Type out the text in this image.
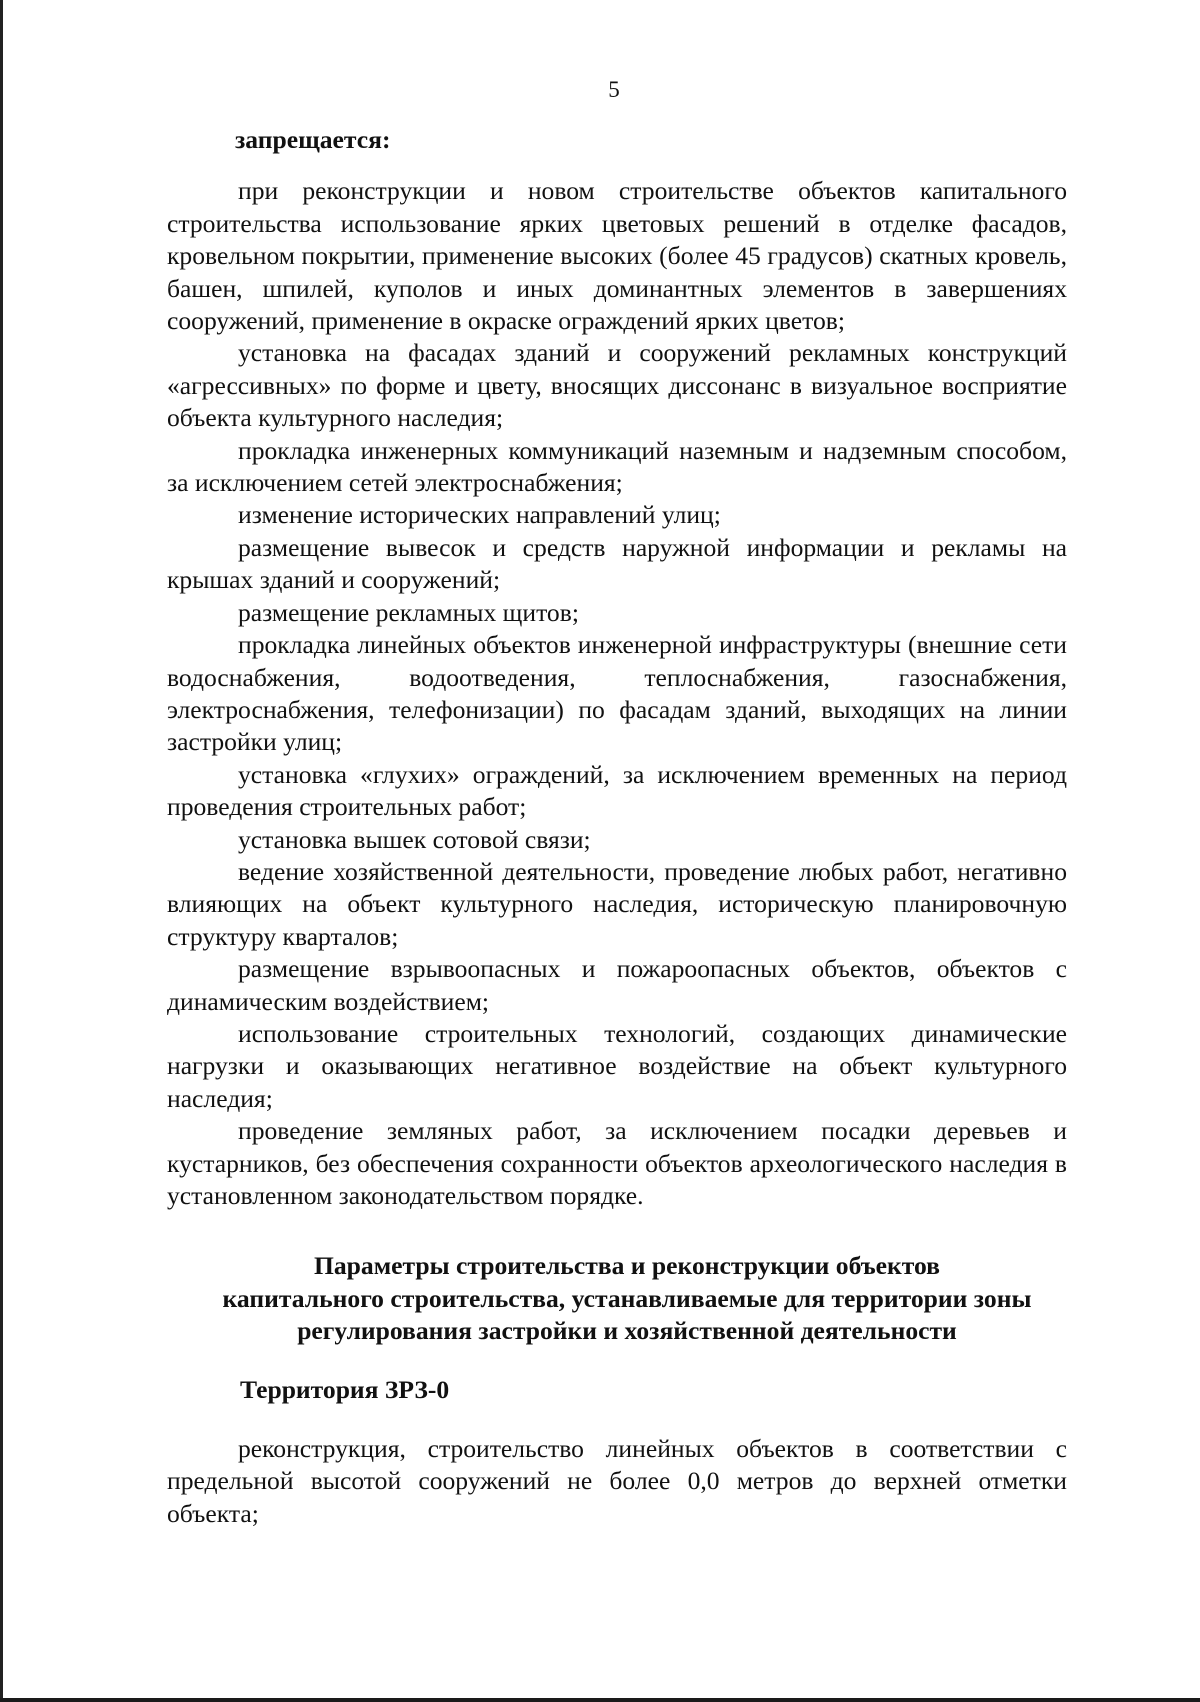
5

запрещается:

при реконструкции и новом строительстве объектов капитального строительства использование ярких цветовых решений в отделке фасадов, кровельном покрытии, применение высоких (более 45 градусов) скатных кровель, башен, шпилей, куполов и иных доминантных элементов в завершениях сооружений, применение в окраске ограждений ярких цветов;

установка на фасадах зданий и сооружений рекламных конструкций «агрессивных» по форме и цвету, вносящих диссонанс в визуальное восприятие объекта культурного наследия;

прокладка инженерных коммуникаций наземным и надземным способом, за исключением сетей электроснабжения;

изменение исторических направлений улиц;

размещение вывесок и средств наружной информации и рекламы на крышах зданий и сооружений;

размещение рекламных щитов;

прокладка линейных объектов инженерной инфраструктуры (внешние сети водоснабжения, водоотведения, теплоснабжения, газоснабжения, электроснабжения, телефонизации) по фасадам зданий, выходящих на линии застройки улиц;

установка «глухих» ограждений, за исключением временных на период проведения строительных работ;

установка вышек сотовой связи;

ведение хозяйственной деятельности, проведение любых работ, негативно влияющих на объект культурного наследия, историческую планировочную структуру кварталов;

размещение взрывоопасных и пожароопасных объектов, объектов с динамическим воздействием;

использование строительных технологий, создающих динамические нагрузки и оказывающих негативное воздействие на объект культурного наследия;

проведение земляных работ, за исключением посадки деревьев и кустарников, без обеспечения сохранности объектов археологического наследия в установленном законодательством порядке.

Параметры строительства и реконструкции объектов
капитального строительства, устанавливаемые для территории зоны
регулирования застройки и хозяйственной деятельности

Территория ЗРЗ-0

реконструкция, строительство линейных объектов в соответствии с предельной высотой сооружений не более 0,0 метров до верхней отметки объекта;
